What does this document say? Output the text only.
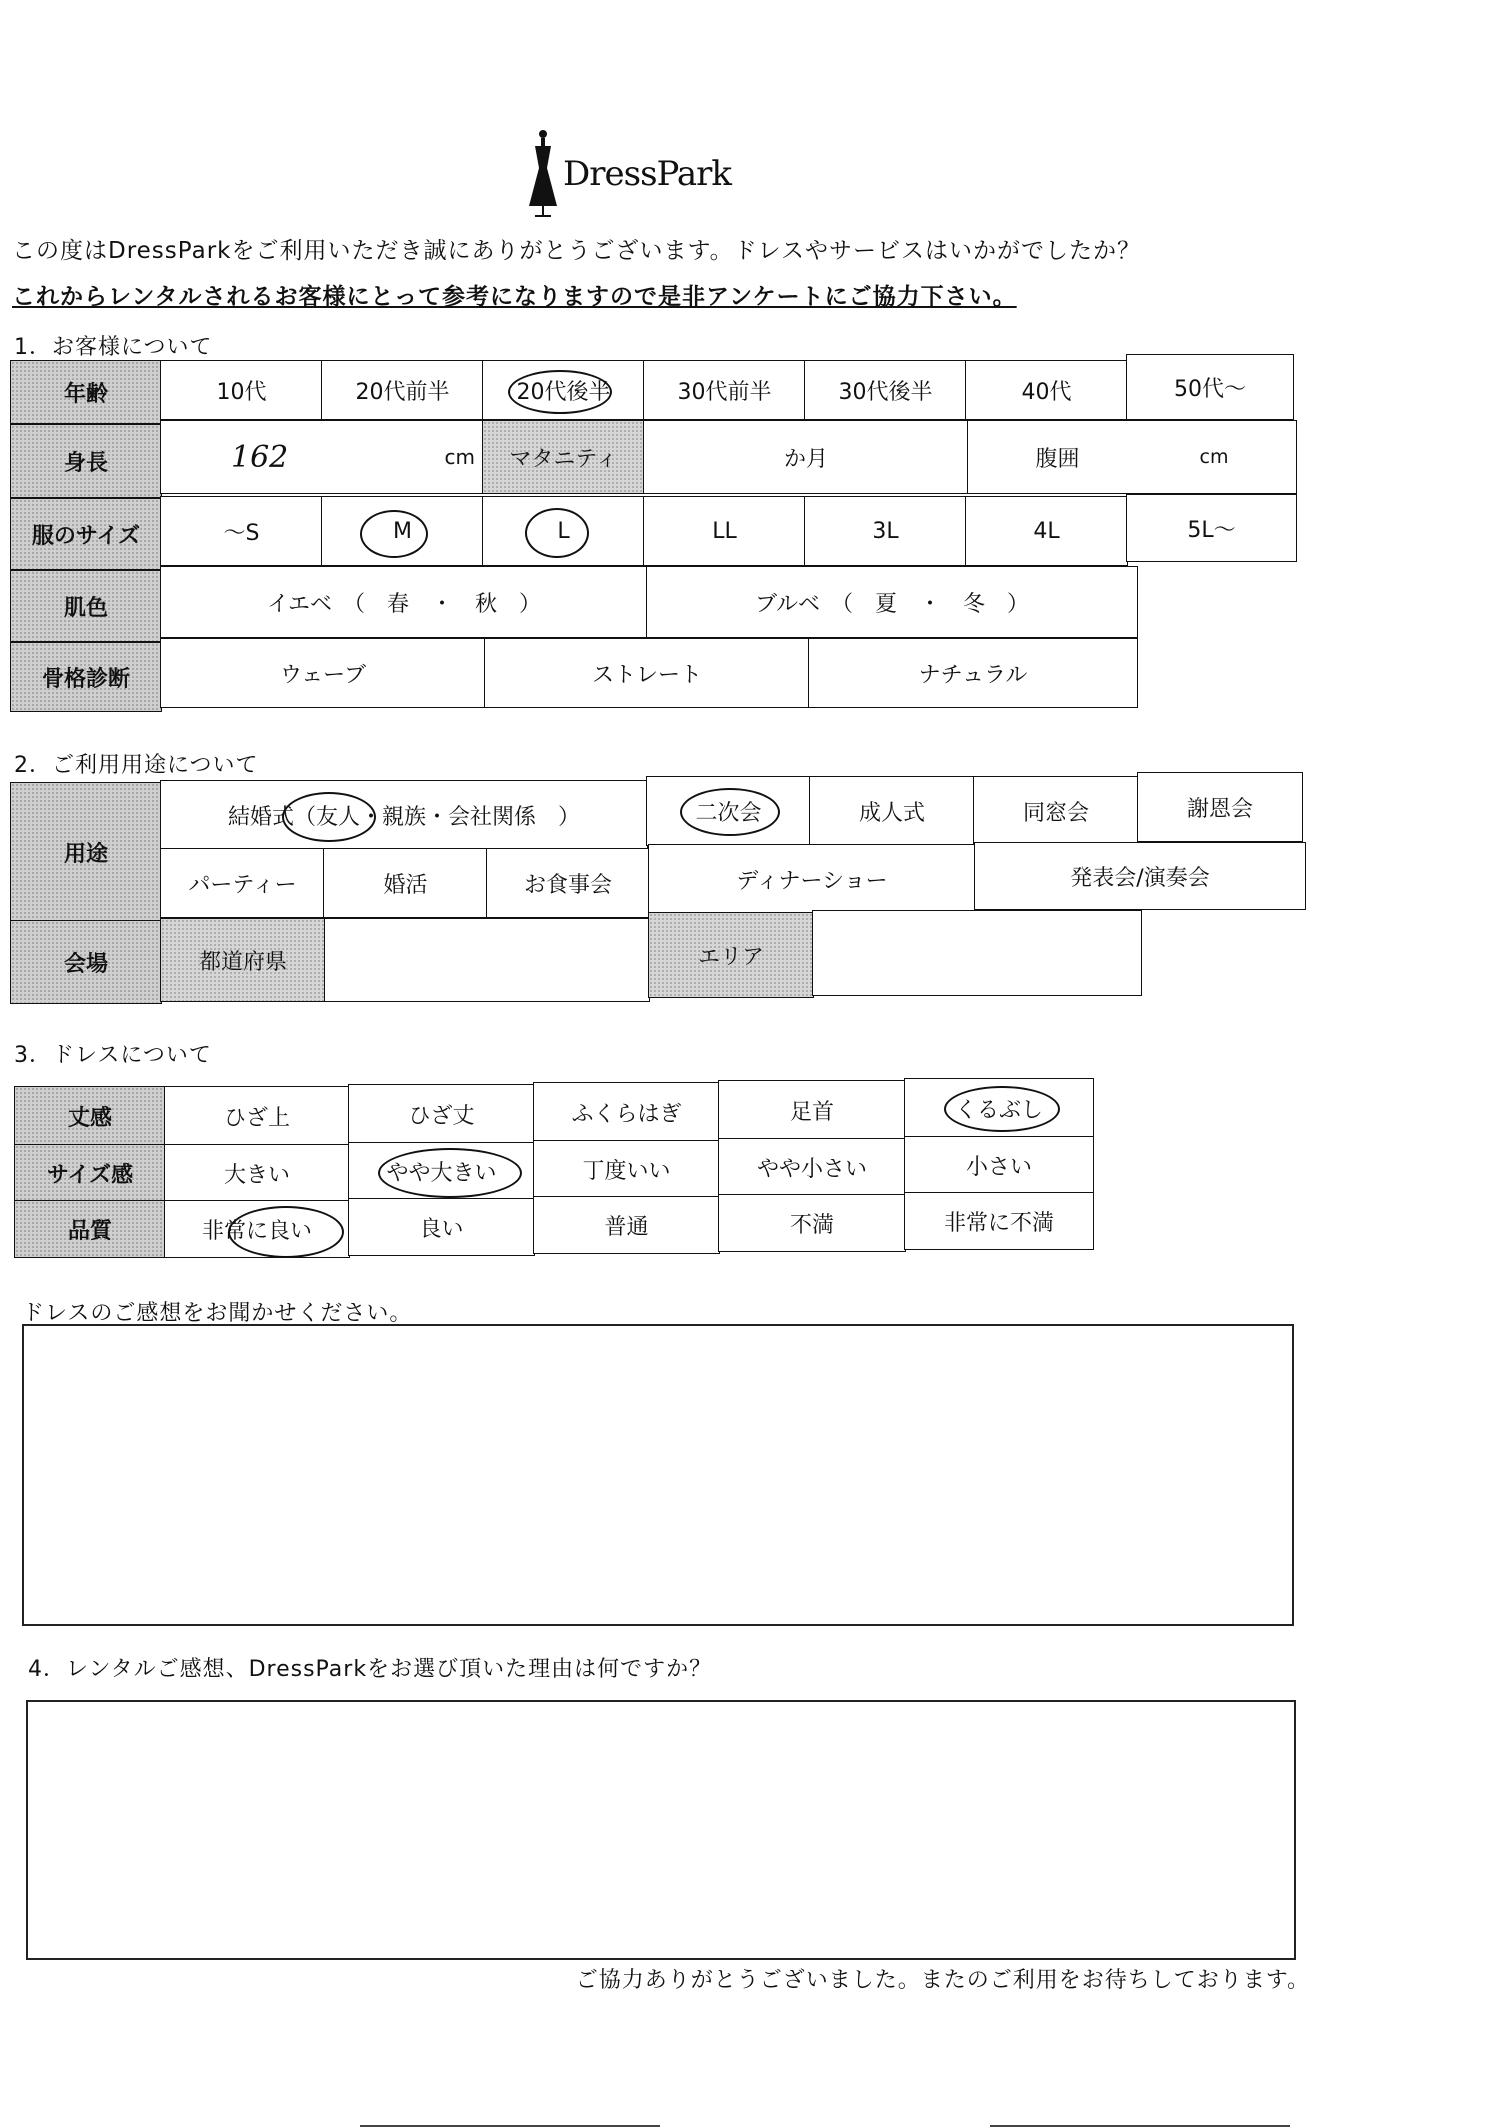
DressPark
この度はDressParkをご利用いただき誠にありがとうございます。ドレスやサービスはいかがでしたか？
これからレンタルされるお客様にとって参考になりますので是非アンケートにご協力下さい。
1．お客様について
年齢	10代	20代前半	20代後半	30代前半	30代後半	40代	50代～
身長	162	cm	マタニティ	か月	腹囲	cm
服のサイズ	～S	M	L	LL	3L	4L	5L～
肌色	イエベ　（　春　・　秋　）	ブルベ　（　夏　・　冬　）
骨格診断	ウェーブ	ストレート	ナチュラル
2．ご利用用途について
用途
結婚式（友人・親族・会社関係　）	二次会	成人式	同窓会	謝恩会
パーティー	婚活	お食事会	ディナーショー	発表会/演奏会
会場	都道府県	エリア
3．ドレスについて
丈感	ひざ上	ひざ丈	ふくらはぎ	足首	くるぶし
サイズ感	大きい	やや大きい	丁度いい	やや小さい	小さい
品質	非常に良い	良い	普通	不満	非常に不満
ドレスのご感想をお聞かせください。
4．レンタルご感想、DressParkをお選び頂いた理由は何ですか？
ご協力ありがとうございました。またのご利用をお待ちしております。
